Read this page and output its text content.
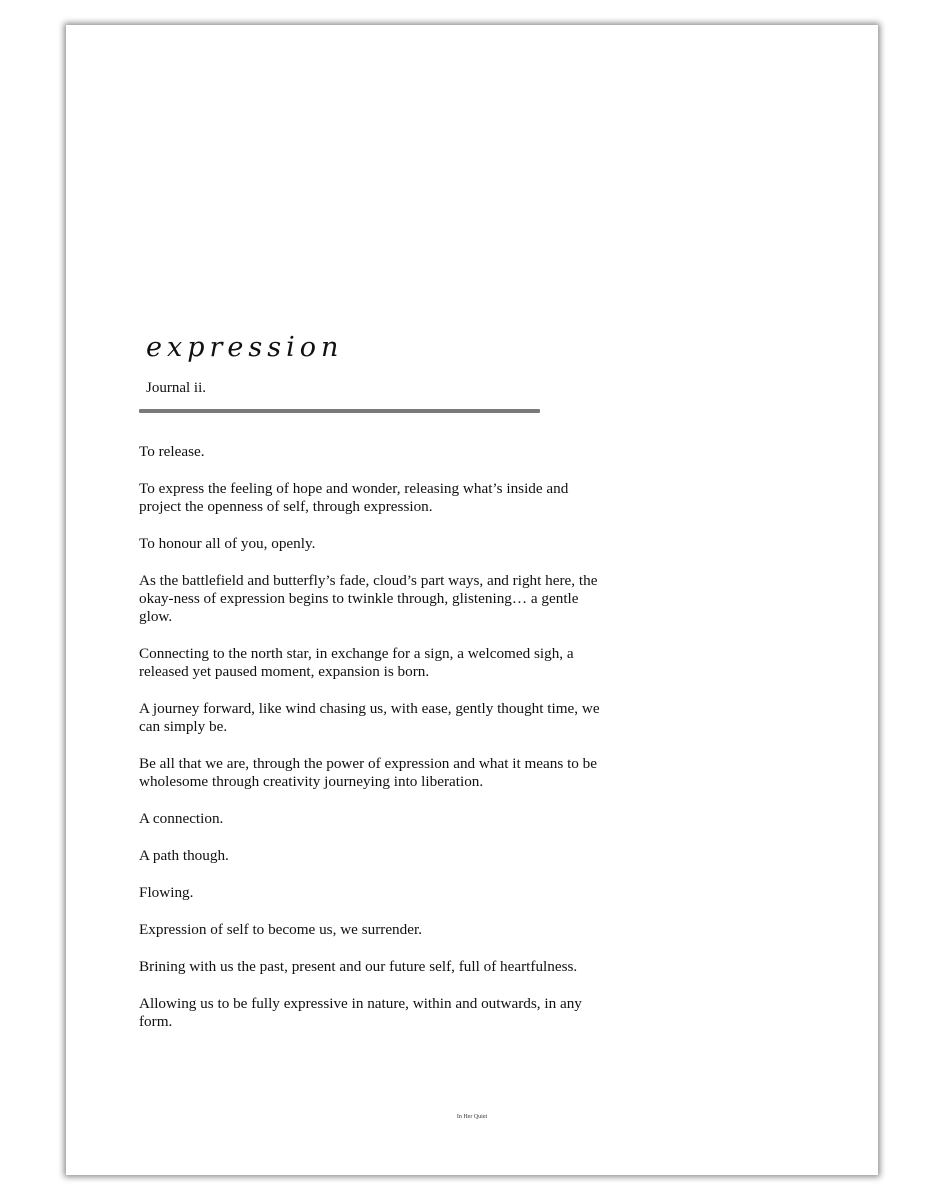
expression
Journal ii.

To release.

To express the feeling of hope and wonder, releasing what’s inside and project the openness of self, through expression.

To honour all of you, openly.

As the battlefield and butterfly’s fade, cloud’s part ways, and right here, the okay-ness of expression begins to twinkle through, glistening… a gentle glow.

Connecting to the north star, in exchange for a sign, a welcomed sigh, a released yet paused moment, expansion is born.

A journey forward, like wind chasing us, with ease, gently thought time, we can simply be.

Be all that we are, through the power of expression and what it means to be wholesome through creativity journeying into liberation.

A connection.

A path though.

Flowing.

Expression of self to become us, we surrender.

Brining with us the past, present and our future self, full of heartfulness.

Allowing us to be fully expressive in nature, within and outwards, in any form.

In Her Quiet
